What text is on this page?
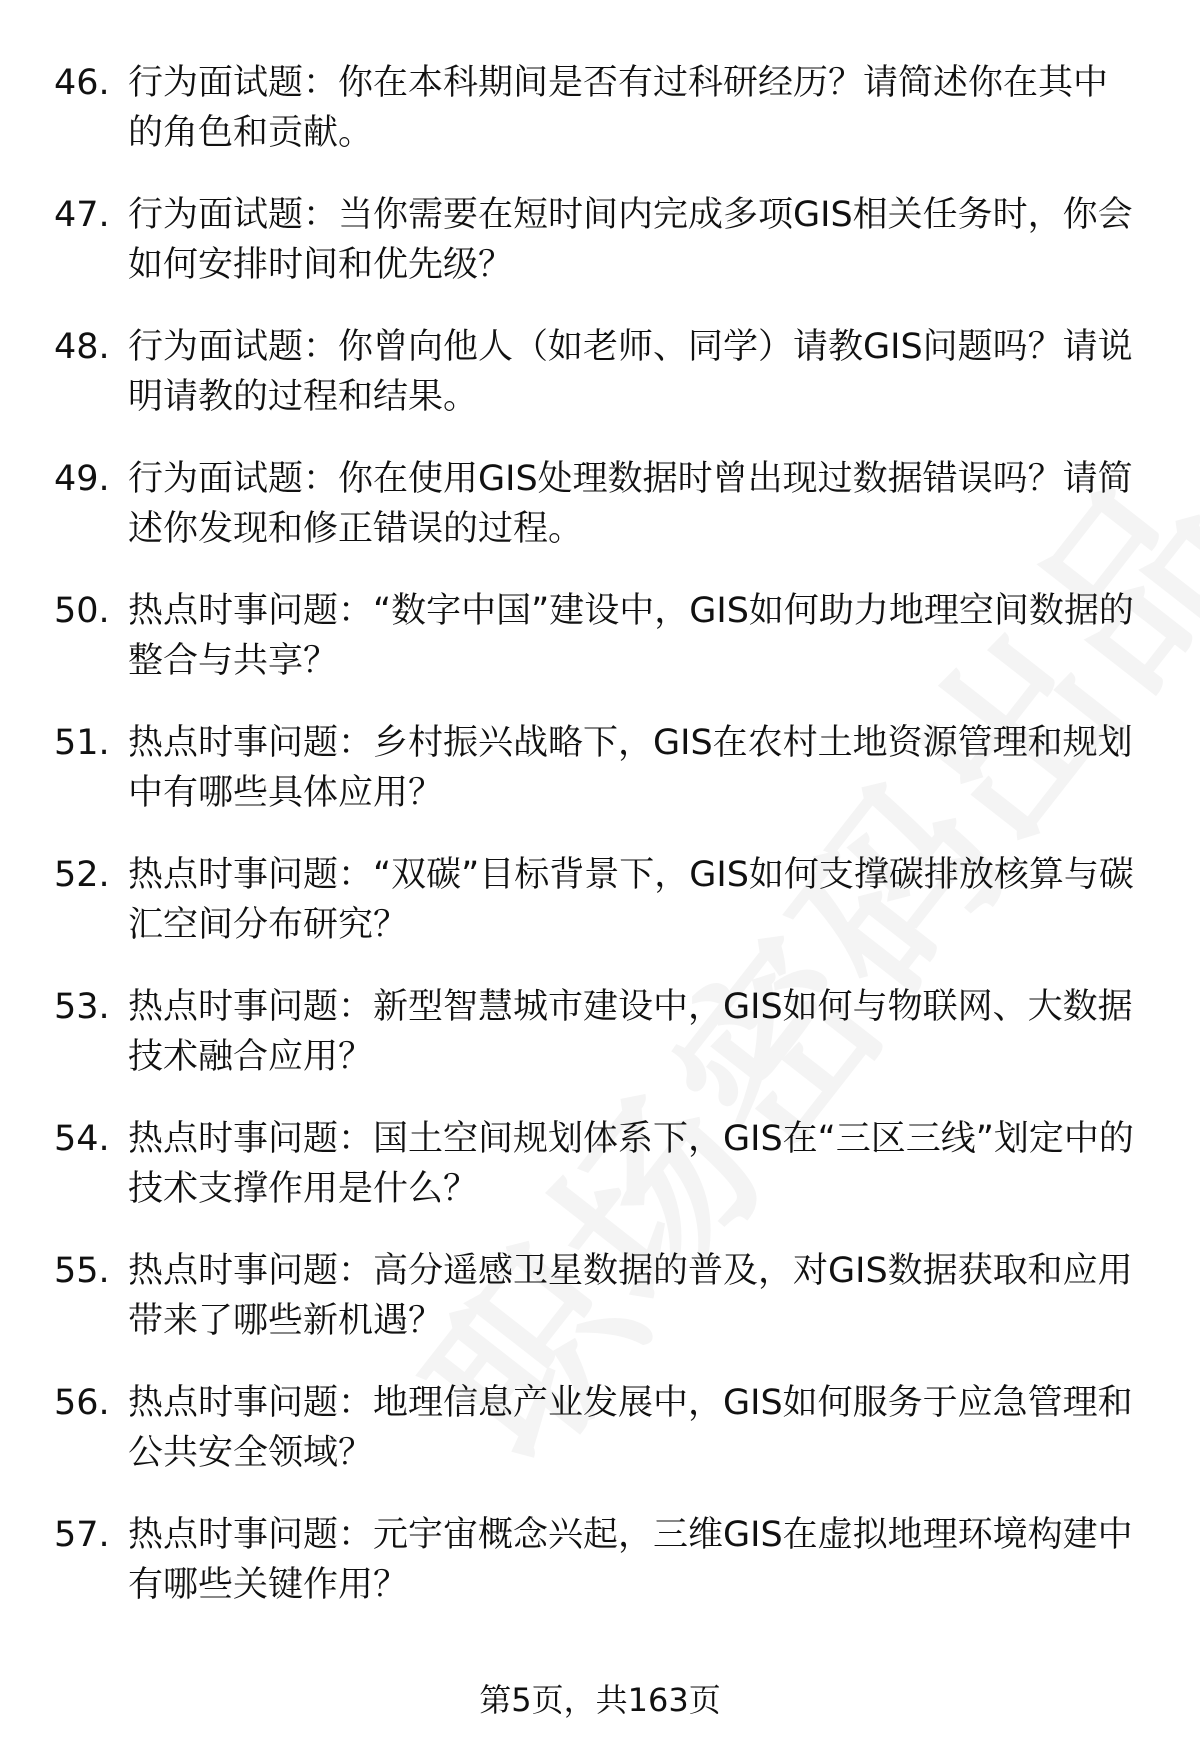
46. 行为面试题：你在本科期间是否有过科研经历？请简述你在其中的角色和贡献。
47. 行为面试题：当你需要在短时间内完成多项GIS相关任务时，你会如何安排时间和优先级？
48. 行为面试题：你曾向他人（如老师、同学）请教GIS问题吗？请说明请教的过程和结果。
49. 行为面试题：你在使用GIS处理数据时曾出现过数据错误吗？请简述你发现和修正错误的过程。
50. 热点时事问题：“数字中国”建设中，GIS如何助力地理空间数据的整合与共享？
51. 热点时事问题：乡村振兴战略下，GIS在农村土地资源管理和规划中有哪些具体应用？
52. 热点时事问题：“双碳”目标背景下，GIS如何支撑碳排放核算与碳汇空间分布研究？
53. 热点时事问题：新型智慧城市建设中，GIS如何与物联网、大数据技术融合应用？
54. 热点时事问题：国土空间规划体系下，GIS在“三区三线”划定中的技术支撑作用是什么？
55. 热点时事问题：高分遥感卫星数据的普及，对GIS数据获取和应用带来了哪些新机遇？
56. 热点时事问题：地理信息产业发展中，GIS如何服务于应急管理和公共安全领域？
57. 热点时事问题：元宇宙概念兴起，三维GIS在虚拟地理环境构建中有哪些关键作用？
第5页，共163页
